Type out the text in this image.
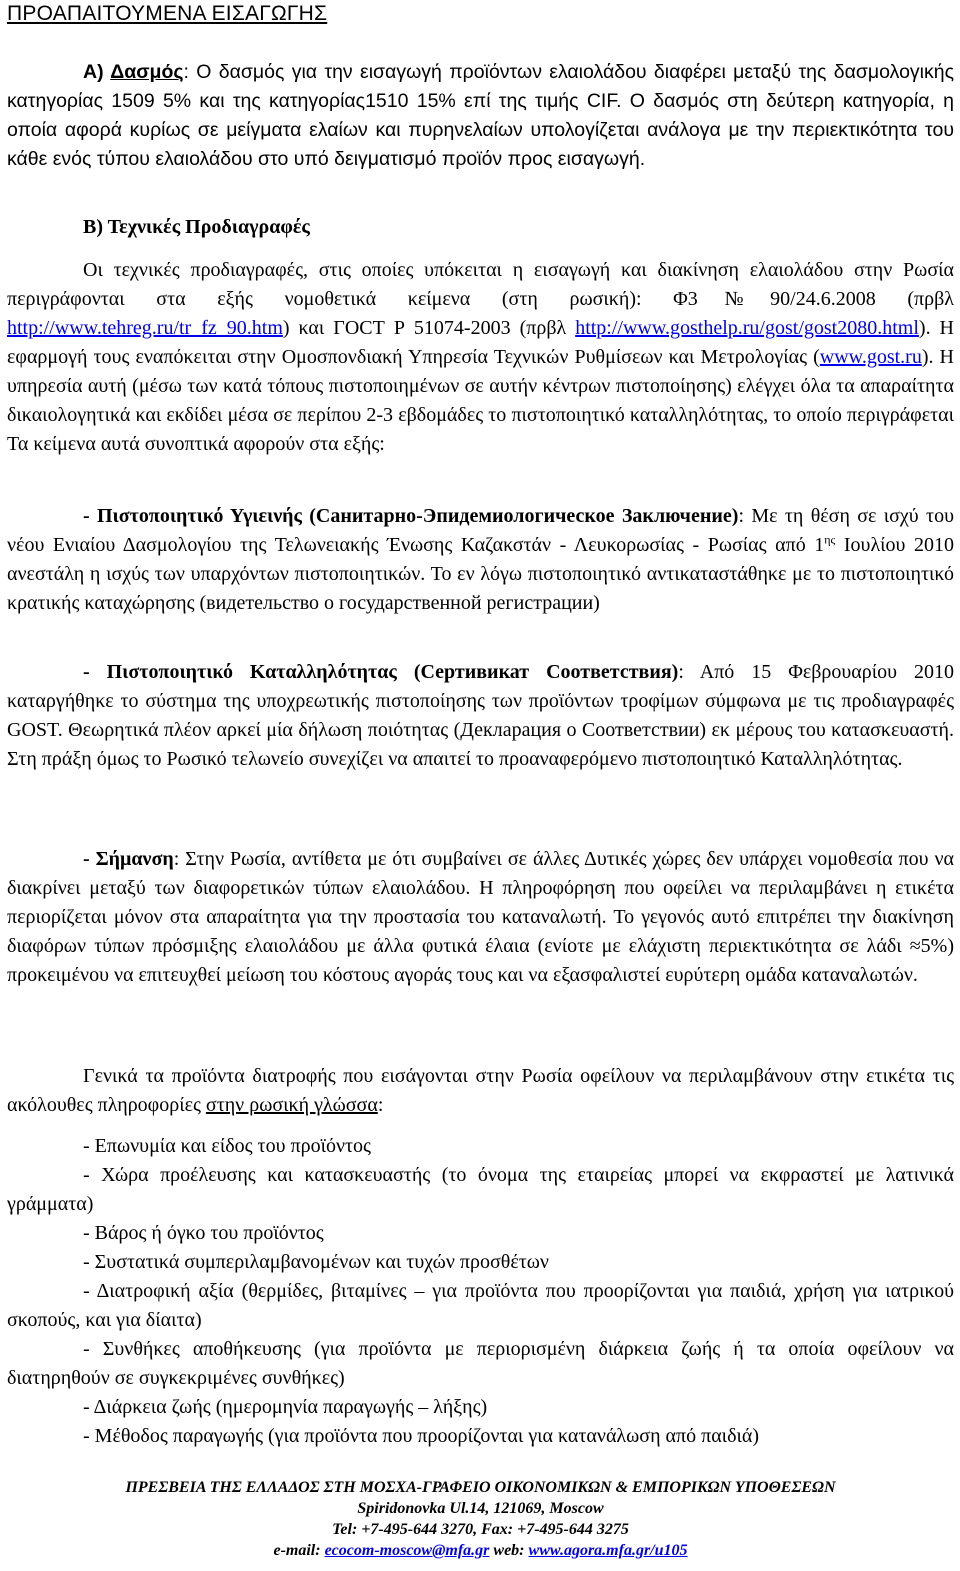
ΠΡΟΑΠΑΙΤΟΥΜΕΝΑ ΕΙΣΑΓΩΓΗΣ
Α) Δασμός: Ο δασμός για την εισαγωγή προϊόντων ελαιολάδου διαφέρει μεταξύ της δασμολογικής κατηγορίας 1509 5% και της κατηγορίας1510 15% επί της τιμής CIF. Ο δασμός στη δεύτερη κατηγορία, η οποία αφορά κυρίως σε μείγματα ελαίων και πυρηνελαίων υπολογίζεται ανάλογα με την περιεκτικότητα του κάθε ενός τύπου ελαιολάδου στο υπό δειγματισμό προϊόν προς εισαγωγή.
Β) Τεχνικές Προδιαγραφές
Οι τεχνικές προδιαγραφές, στις οποίες υπόκειται η εισαγωγή και διακίνηση ελαιολάδου στην Ρωσία περιγράφονται στα εξής νομοθετικά κείμενα (στη ρωσική): Φ3№90/24.6.2008 (πρβλ http://www.tehreg.ru/tr_fz_90.htm) και ΓΟСТ Р 51074-2003 (πρβλ http://www.gosthelp.ru/gost/gost2080.html). Η εφαρμογή τους εναπόκειται στην Ομοσπονδιακή Υπηρεσία Τεχνικών Ρυθμίσεων και Μετρολογίας (www.gost.ru). Η υπηρεσία αυτή (μέσω των κατά τόπους πιστοποιημένων σε αυτήν κέντρων πιστοποίησης) ελέγχει όλα τα απαραίτητα δικαιολογητικά και εκδίδει μέσα σε περίπου 2-3 εβδομάδες το πιστοποιητικό καταλληλότητας, το οποίο περιγράφεται Τα κείμενα αυτά συνοπτικά αφορούν στα εξής:
- Πιστοποιητικό Υγιεινής (Санитарно-Эпидемиологическое Заключение): Με τη θέση σε ισχύ του νέου Ενιαίου Δασμολογίου της Τελωνειακής Ένωσης Καζακστάν - Λευκορωσίας - Ρωσίας από $1^{\eta\varsigma}$ Ιουλίου 2010 ανεστάλη η ισχύς των υπαρχόντων πιστοποιητικών. Το εν λόγω πιστοποιητικό αντικαταστάθηκε με το πιστοποιητικό κρατικής καταχώρησης (видетельство о государственной регистрации)
- Πιστοποιητικό Καταλληλότητας (Сертивикат Соответствия): Από 15 Φεβρουαρίου 2010 καταργήθηκε το σύστημα της υποχρεωτικής πιστοποίησης των προϊόντων τροφίμων σύμφωνα με τις προδιαγραφές GOST. Θεωρητικά πλέον αρκεί μία δήλωση ποιότητας (Декларация о Соответствии) εκ μέρους του κατασκευαστή. Στη πράξη όμως το Ρωσικό τελωνείο συνεχίζει να απαιτεί το προαναφερόμενο πιστοποιητικό Καταλληλότητας.
- Σήμανση: Στην Ρωσία, αντίθετα με ότι συμβαίνει σε άλλες Δυτικές χώρες δεν υπάρχει νομοθεσία που να διακρίνει μεταξύ των διαφορετικών τύπων ελαιολάδου. Η πληροφόρηση που οφείλει να περιλαμβάνει η ετικέτα περιορίζεται μόνον στα απαραίτητα για την προστασία του καταναλωτή. Το γεγονός αυτό επιτρέπει την διακίνηση διαφόρων τύπων πρόσμιξης ελαιολάδου με άλλα φυτικά έλαια (ενίοτε με ελάχιστη περιεκτικότητα σε λάδι ≈5%) προκειμένου να επιτευχθεί μείωση του κόστους αγοράς τους και να εξασφαλιστεί ευρύτερη ομάδα καταναλωτών.
Γενικά τα προϊόντα διατροφής που εισάγονται στην Ρωσία οφείλουν να περιλαμβάνουν στην ετικέτα τις ακόλουθες πληροφορίες στην ρωσική γλώσσα:
- Επωνυμία και είδος του προϊόντος
- Χώρα προέλευσης και κατασκευαστής (το όνομα της εταιρείας μπορεί να εκφραστεί με λατινικά γράμματα)
- Βάρος ή όγκο του προϊόντος
- Συστατικά συμπεριλαμβανομένων και τυχών προσθέτων
- Διατροφική αξία (θερμίδες, βιταμίνες – για προϊόντα που προορίζονται για παιδιά, χρήση για ιατρικού σκοπούς, και για δίαιτα)
- Συνθήκες αποθήκευσης (για προϊόντα με περιορισμένη διάρκεια ζωής ή τα οποία οφείλουν να διατηρηθούν σε συγκεκριμένες συνθήκες)
- Διάρκεια ζωής (ημερομηνία παραγωγής – λήξης)
- Μέθοδος παραγωγής (για προϊόντα που προορίζονται για κατανάλωση από παιδιά)
ΠΡΕΣΒΕΙΑ ΤΗΣ ΕΛΛΑΔΟΣ ΣΤΗ ΜΟΣΧΑ-ΓΡΑΦΕΙΟ ΟΙΚΟΝΟΜΙΚΩΝ & ΕΜΠΟΡΙΚΩΝ ΥΠΟΘΕΣΕΩΝ
Spiridonovka Ul.14, 121069, Moscow
Tel: +7-495-644 3270, Fax: +7-495-644 3275
e-mail: ecocom-moscow@mfa.gr web: www.agora.mfa.gr/u105
